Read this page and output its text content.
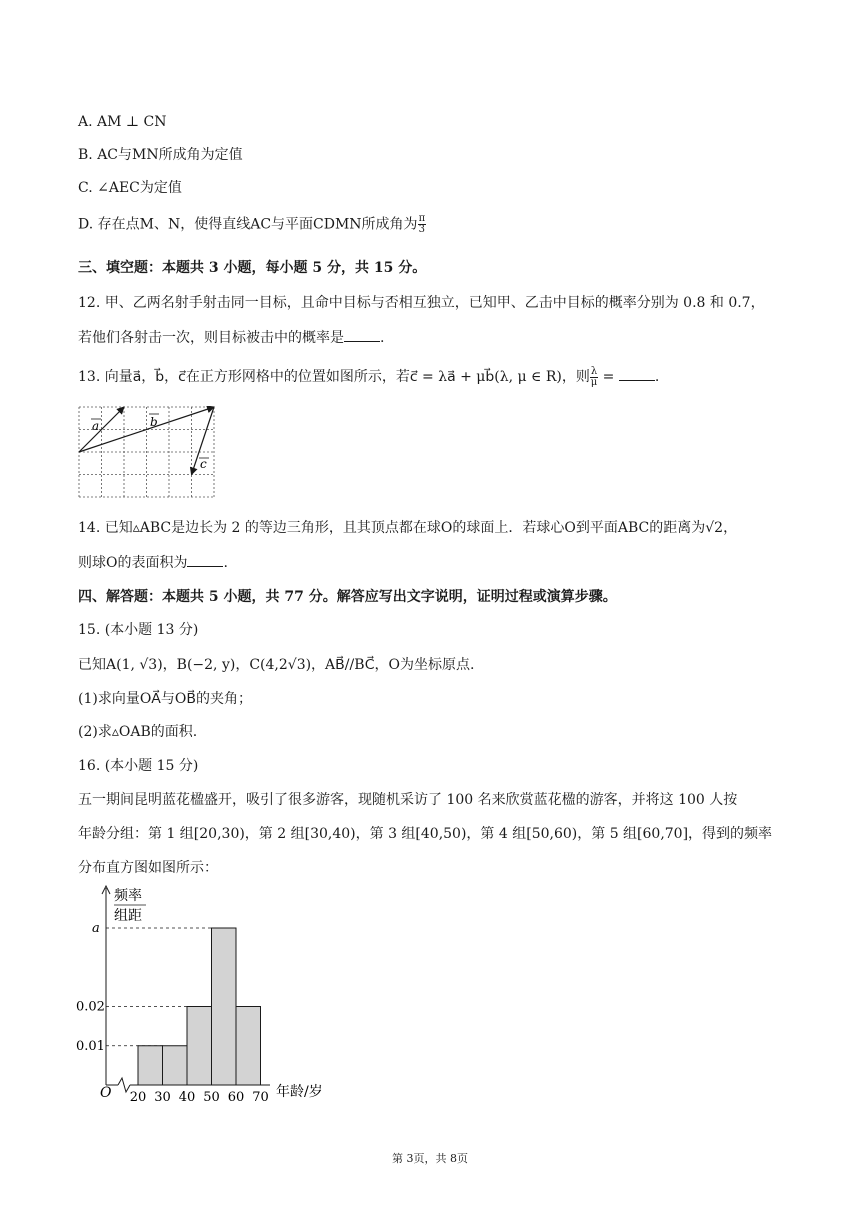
A. AM ⊥ CN
B. AC与MN所成角为定值
C. ∠AEC为定值
D. 存在点M、N，使得直线AC与平面CDMN所成角为 $\frac{\pi}{3}$
三、填空题：本题共 3 小题，每小题 5 分，共 15 分。
12. 甲、乙两名射手射击同一目标，且命中目标与否相互独立，已知甲、乙击中目标的概率分别为 0.8 和 0.7，
若他们各射击一次，则目标被击中的概率是	.
13. 向量a⃗，b⃗，c⃗在正方形网格中的位置如图所示，若c⃗ = λa⃗ + μb⃗(λ, μ ∈ R)，则 $\frac{\lambda}{\mu}$ =	.
a	b
c
14. 已知▵ABC是边长为 2 的等边三角形，且其顶点都在球O的球面上．若球心O到平面ABC的距离为√2，
则球O的表面积为	.
四、解答题：本题共 5 小题，共 77 分。解答应写出文字说明，证明过程或演算步骤。
15. (本小题 13 分)
已知A(1, √3)，B(−2, y)，C(4,2√3)，AB⃗//BC⃗，O为坐标原点.
(1)求向量OA⃗与OB⃗的夹角；
(2)求▵OAB的面积.
16. (本小题 15 分)
五一期间昆明蓝花楹盛开，吸引了很多游客，现随机采访了 100 名来欣赏蓝花楹的游客，并将这 100 人按
年龄分组：第 1 组[20,30)，第 2 组[30,40)，第 3 组[40,50)，第 4 组[50,60)，第 5 组[60,70]，得到的频率
分布直方图如图所示：
频率
组距
O	年龄/岁
a
0.02
0.01
20 30 40 50 60 70
第 3页，共 8页
